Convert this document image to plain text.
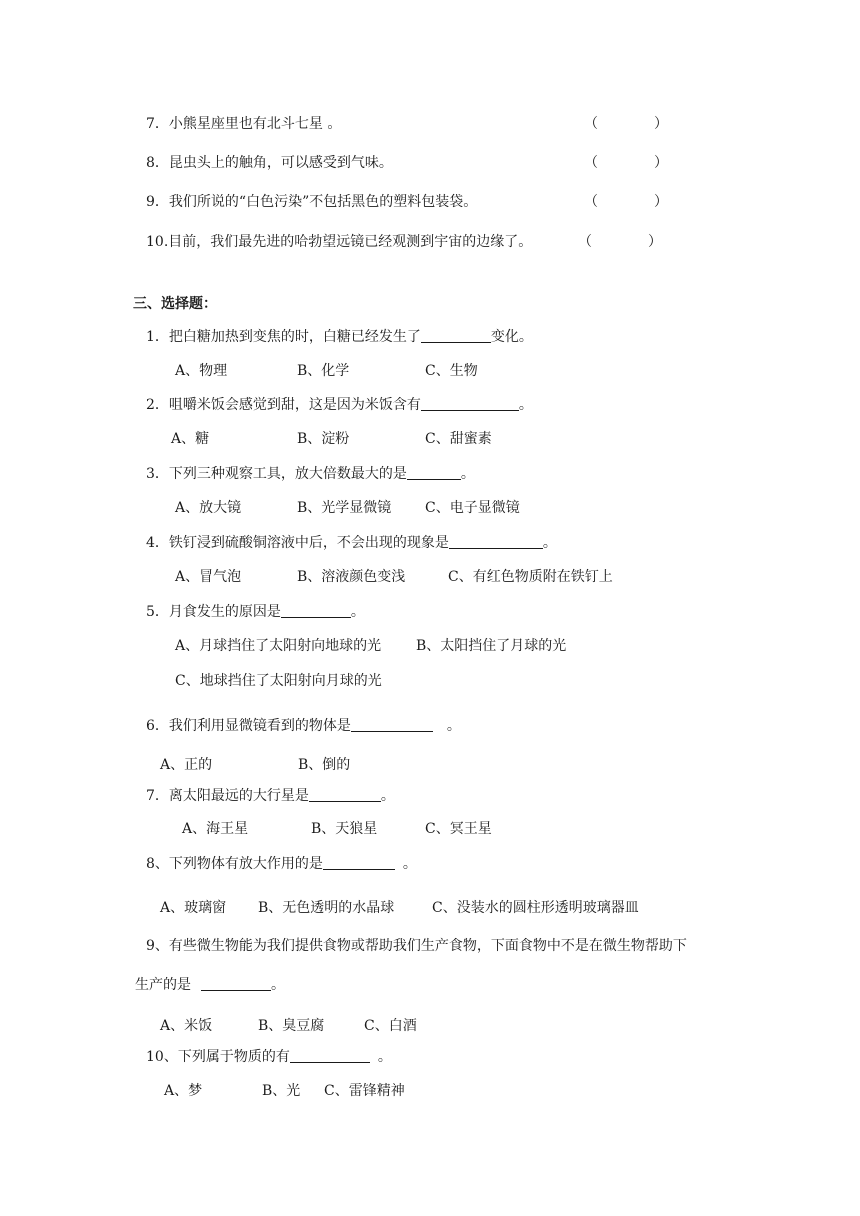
7．小熊星座里也有北斗七星 。	（　　　　）
8．昆虫头上的触角，可以感受到气味。	（　　　　）
9．我们所说的“白色污染”不包括黑色的塑料包装袋。	（　　　　）
10.目前，我们最先进的哈勃望远镜已经观测到宇宙的边缘了。	（　　　　）
三、选择题：
1．把白糖加热到变焦的时，白糖已经发生了	变化。
A、物理	B、化学	C、生物
2．咀嚼米饭会感觉到甜，这是因为米饭含有	。
A、糖	B、淀粉	C、甜蜜素
3．下列三种观察工具，放大倍数最大的是	。
A、放大镜	B、光学显微镜 C、电子显微镜
4．铁钉浸到硫酸铜溶液中后，不会出现的现象是	。
A、冒气泡	B、溶液颜色变浅	C、有红色物质附在铁钉上
5．月食发生的原因是	。
A、月球挡住了太阳射向地球的光 B、太阳挡住了月球的光
C、地球挡住了太阳射向月球的光
6．我们利用显微镜看到的物体是	。
A、正的	B、倒的
7．离太阳最远的大行星是	。
A、海王星	B、天狼星	C、冥王星
8、下列物体有放大作用的是	。
A、玻璃窗 B、无色透明的水晶球	C、没装水的圆柱形透明玻璃器皿
9、有些微生物能为我们提供食物或帮助我们生产食物，下面食物中不是在微生物帮助下
生产的是	。
A、米饭	B、臭豆腐	C、白酒
10、下列属于物质的有	。
A、梦	B、光 C、雷锋精神
